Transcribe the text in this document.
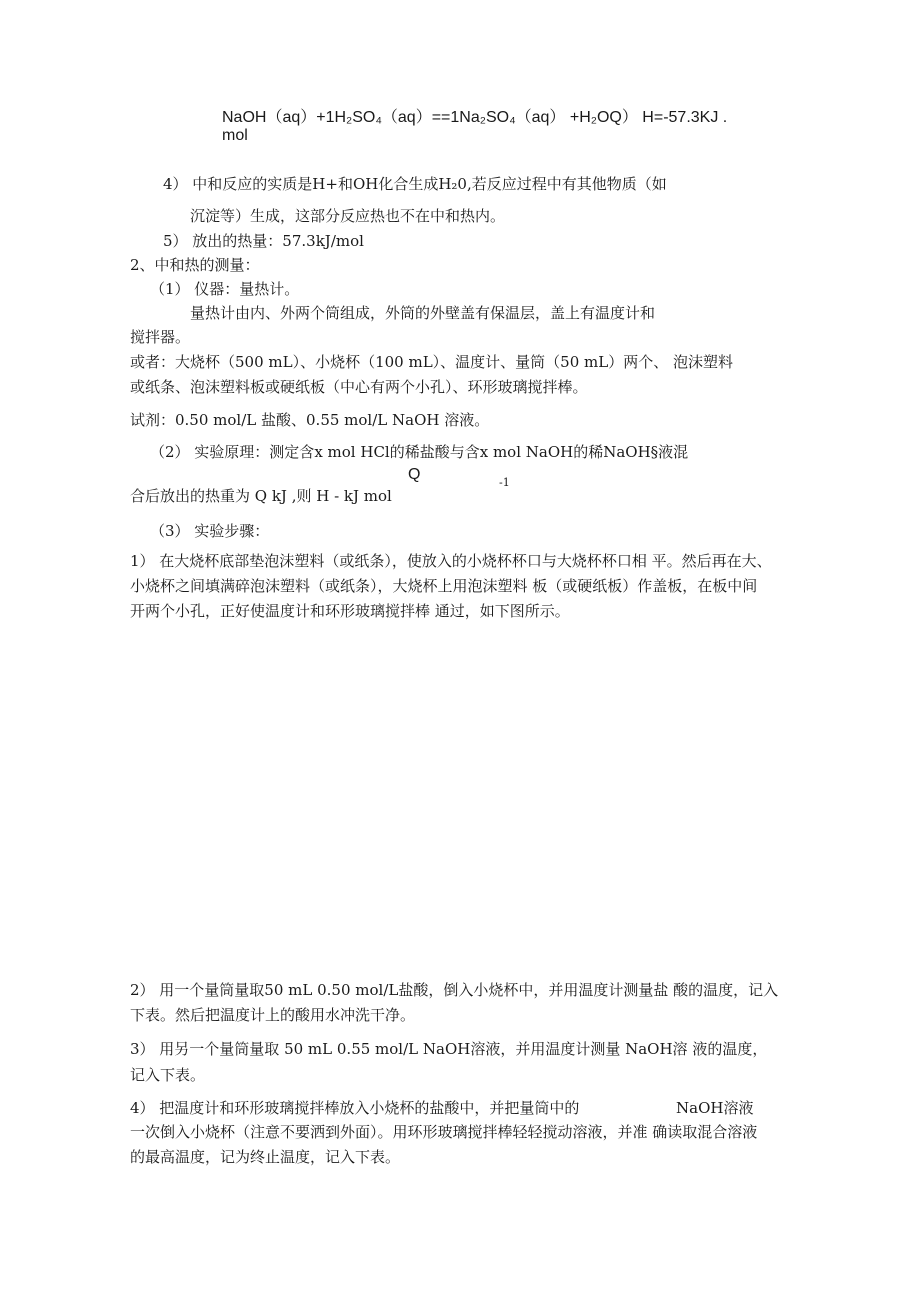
NaOH（aq）+1H₂SO₄（aq）==1Na₂SO₄（aq） +H₂OQ） H=-57.3KJ .
mol
4） 中和反应的实质是H+和OH化合生成H₂0,若反应过程中有其他物质（如
沉淀等）生成，这部分反应热也不在中和热内。
5） 放出的热量：57.3kJ/mol
2、中和热的测量：
（1） 仪器：量热计。
量热计由内、外两个筒组成，外筒的外壁盖有保温层，盖上有温度计和
搅拌器。
或者：大烧杯（500 mL）、小烧杯（100 mL）、温度计、量筒（50 mL）两个、 泡沫塑料
或纸条、泡沫塑料板或硬纸板（中心有两个小孔）、环形玻璃搅拌棒。
试剂：0.50 mol/L 盐酸、0.55 mol/L NaOH 溶液。
（2） 实验原理：测定含x mol HCl的稀盐酸与含x mol NaOH的稀NaOH§液混
Q	-1
合后放出的热重为 Q kJ ,则 H - kJ mol
（3） 实验步骤：
1） 在大烧杯底部垫泡沫塑料（或纸条），使放入的小烧杯杯口与大烧杯杯口相 平。然后再在大、
小烧杯之间填满碎泡沫塑料（或纸条），大烧杯上用泡沫塑料 板（或硬纸板）作盖板，在板中间
开两个小孔，正好使温度计和环形玻璃搅拌棒 通过，如下图所示。
2） 用一个量筒量取50 mL 0.50 mol/L盐酸，倒入小烧杯中，并用温度计测量盐 酸的温度，记入
下表。然后把温度计上的酸用水冲洗干净。
3） 用另一个量筒量取 50 mL 0.55 mol/L NaOH溶液，并用温度计测量 NaOH溶 液的温度，
记入下表。
4） 把温度计和环形玻璃搅拌棒放入小烧杯的盐酸中，并把量筒中的	NaOH溶液
一次倒入小烧杯（注意不要洒到外面）。用环形玻璃搅拌棒轻轻搅动溶液，并准 确读取混合溶液
的最高温度，记为终止温度，记入下表。
